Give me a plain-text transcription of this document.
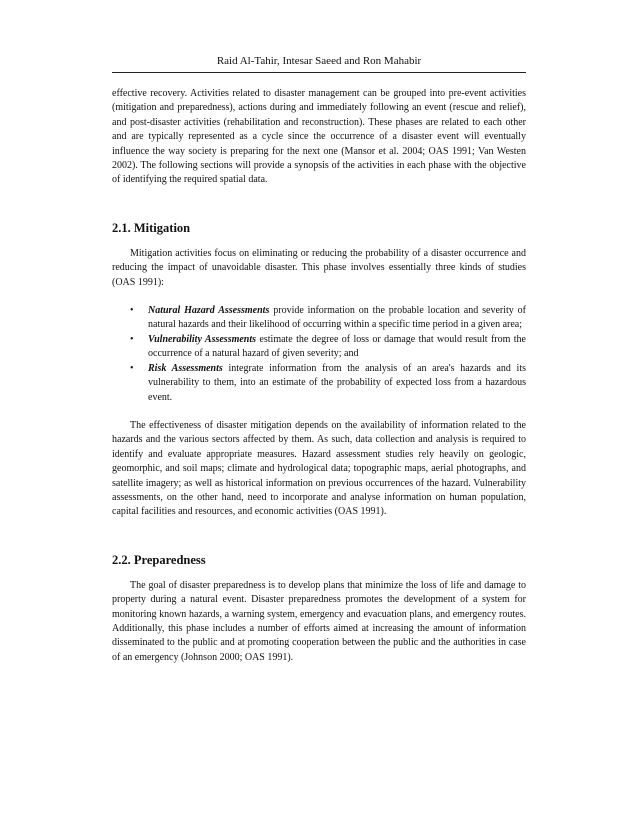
Raid Al-Tahir, Intesar Saeed and Ron Mahabir

effective recovery. Activities related to disaster management can be grouped into pre-event activities (mitigation and preparedness), actions during and immediately following an event (rescue and relief), and post-disaster activities (rehabilitation and reconstruction). These phases are related to each other and are typically represented as a cycle since the occurrence of a disaster event will eventually influence the way society is preparing for the next one (Mansor et al. 2004; OAS 1991; Van Westen 2002). The following sections will provide a synopsis of the activities in each phase with the objective of identifying the required spatial data.

2.1. Mitigation

Mitigation activities focus on eliminating or reducing the probability of a disaster occurrence and reducing the impact of unavoidable disaster. This phase involves essentially three kinds of studies (OAS 1991):

• Natural Hazard Assessments provide information on the probable location and severity of natural hazards and their likelihood of occurring within a specific time period in a given area;
• Vulnerability Assessments estimate the degree of loss or damage that would result from the occurrence of a natural hazard of given severity; and
• Risk Assessments integrate information from the analysis of an area's hazards and its vulnerability to them, into an estimate of the probability of expected loss from a hazardous event.

The effectiveness of disaster mitigation depends on the availability of information related to the hazards and the various sectors affected by them. As such, data collection and analysis is required to identify and evaluate appropriate measures. Hazard assessment studies rely heavily on geologic, geomorphic, and soil maps; climate and hydrological data; topographic maps, aerial photographs, and satellite imagery; as well as historical information on previous occurrences of the hazard. Vulnerability assessments, on the other hand, need to incorporate and analyse information on human population, capital facilities and resources, and economic activities (OAS 1991).

2.2. Preparedness

The goal of disaster preparedness is to develop plans that minimize the loss of life and damage to property during a natural event. Disaster preparedness promotes the development of a system for monitoring known hazards, a warning system, emergency and evacuation plans, and emergency routes. Additionally, this phase includes a number of efforts aimed at increasing the amount of information disseminated to the public and at promoting cooperation between the public and the authorities in case of an emergency (Johnson 2000; OAS 1991).
